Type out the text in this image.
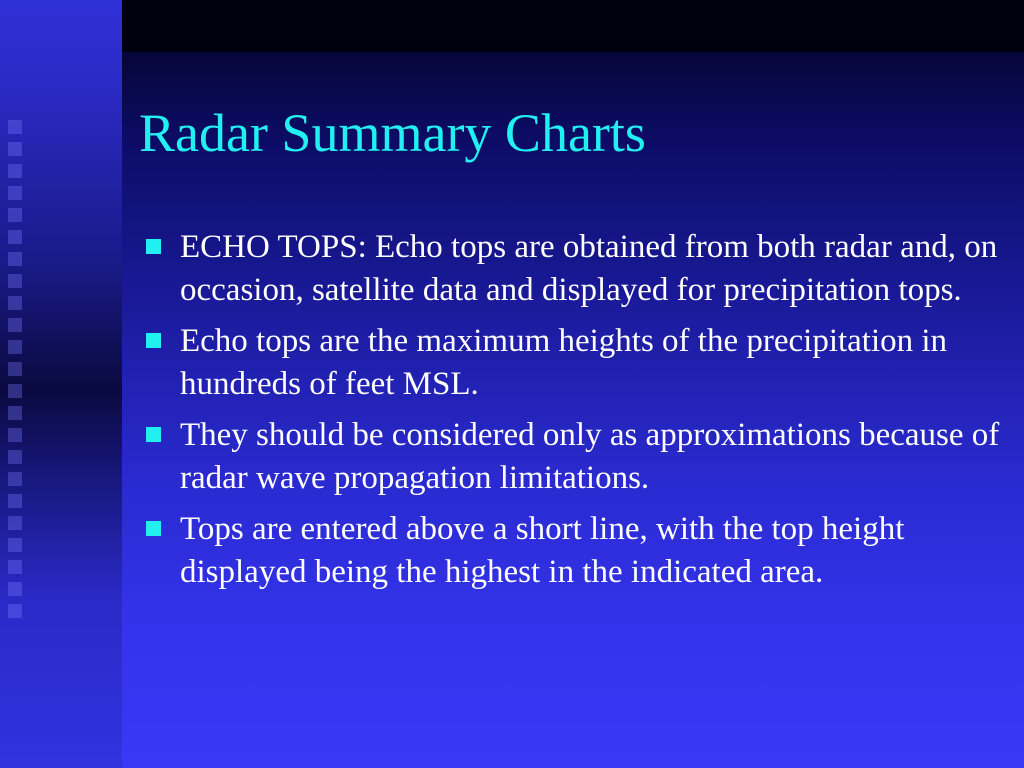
Radar Summary Charts
ECHO TOPS: Echo tops are obtained from both radar and, on occasion, satellite data and displayed for precipitation tops.
Echo tops are the maximum heights of the precipitation in hundreds of feet MSL.
They should be considered only as approximations because of radar wave propagation limitations.
Tops are entered above a short line, with the top height displayed being the highest in the indicated area.
